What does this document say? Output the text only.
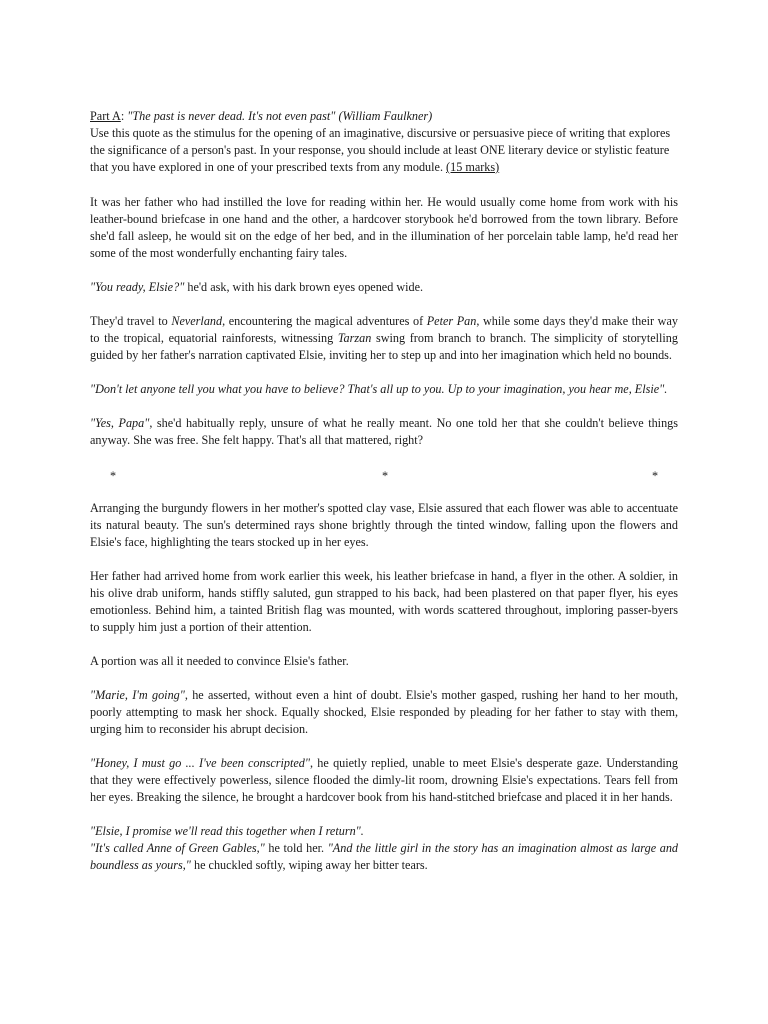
Part A: "The past is never dead. It's not even past" (William Faulkner)
Use this quote as the stimulus for the opening of an imaginative, discursive or persuasive piece of writing that explores the significance of a person's past. In your response, you should include at least ONE literary device or stylistic feature that you have explored in one of your prescribed texts from any module. (15 marks)

It was her father who had instilled the love for reading within her. He would usually come home from work with his leather-bound briefcase in one hand and the other, a hardcover storybook he'd borrowed from the town library. Before she'd fall asleep, he would sit on the edge of her bed, and in the illumination of her porcelain table lamp, he'd read her some of the most wonderfully enchanting fairy tales.

"You ready, Elsie?" he'd ask, with his dark brown eyes opened wide.

They'd travel to Neverland, encountering the magical adventures of Peter Pan, while some days they'd make their way to the tropical, equatorial rainforests, witnessing Tarzan swing from branch to branch. The simplicity of storytelling guided by her father's narration captivated Elsie, inviting her to step up and into her imagination which held no bounds.

"Don't let anyone tell you what you have to believe? That's all up to you. Up to your imagination, you hear me, Elsie".

"Yes, Papa", she'd habitually reply, unsure of what he really meant. No one told her that she couldn't believe things anyway. She was free. She felt happy. That's all that mattered, right?

*	*	*

Arranging the burgundy flowers in her mother's spotted clay vase, Elsie assured that each flower was able to accentuate its natural beauty. The sun's determined rays shone brightly through the tinted window, falling upon the flowers and Elsie's face, highlighting the tears stocked up in her eyes.

Her father had arrived home from work earlier this week, his leather briefcase in hand, a flyer in the other. A soldier, in his olive drab uniform, hands stiffly saluted, gun strapped to his back, had been plastered on that paper flyer, his eyes emotionless. Behind him, a tainted British flag was mounted, with words scattered throughout, imploring passer-byers to supply him just a portion of their attention.

A portion was all it needed to convince Elsie's father.

"Marie, I'm going", he asserted, without even a hint of doubt. Elsie's mother gasped, rushing her hand to her mouth, poorly attempting to mask her shock. Equally shocked, Elsie responded by pleading for her father to stay with them, urging him to reconsider his abrupt decision.

"Honey, I must go ... I've been conscripted", he quietly replied, unable to meet Elsie's desperate gaze. Understanding that they were effectively powerless, silence flooded the dimly-lit room, drowning Elsie's expectations. Tears fell from her eyes. Breaking the silence, he brought a hardcover book from his hand-stitched briefcase and placed it in her hands.

"Elsie, I promise we'll read this together when I return".

"It's called Anne of Green Gables," he told her. "And the little girl in the story has an imagination almost as large and boundless as yours," he chuckled softly, wiping away her bitter tears.
